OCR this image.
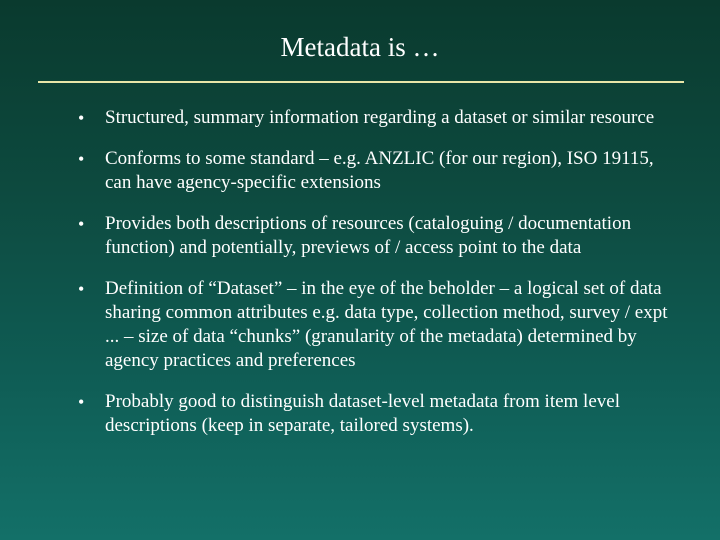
Metadata is …
• Structured, summary information regarding a dataset or similar resource
• Conforms to some standard – e.g. ANZLIC (for our region), ISO 19115, can have agency-specific extensions
• Provides both descriptions of resources (cataloguing / documentation function) and potentially, previews of / access point to the data
• Definition of “Dataset” – in the eye of the beholder – a logical set of data sharing common attributes e.g. data type, collection method, survey / expt ... – size of data “chunks” (granularity of the metadata) determined by agency practices and preferences
• Probably good to distinguish dataset-level metadata from item level descriptions (keep in separate, tailored systems).
